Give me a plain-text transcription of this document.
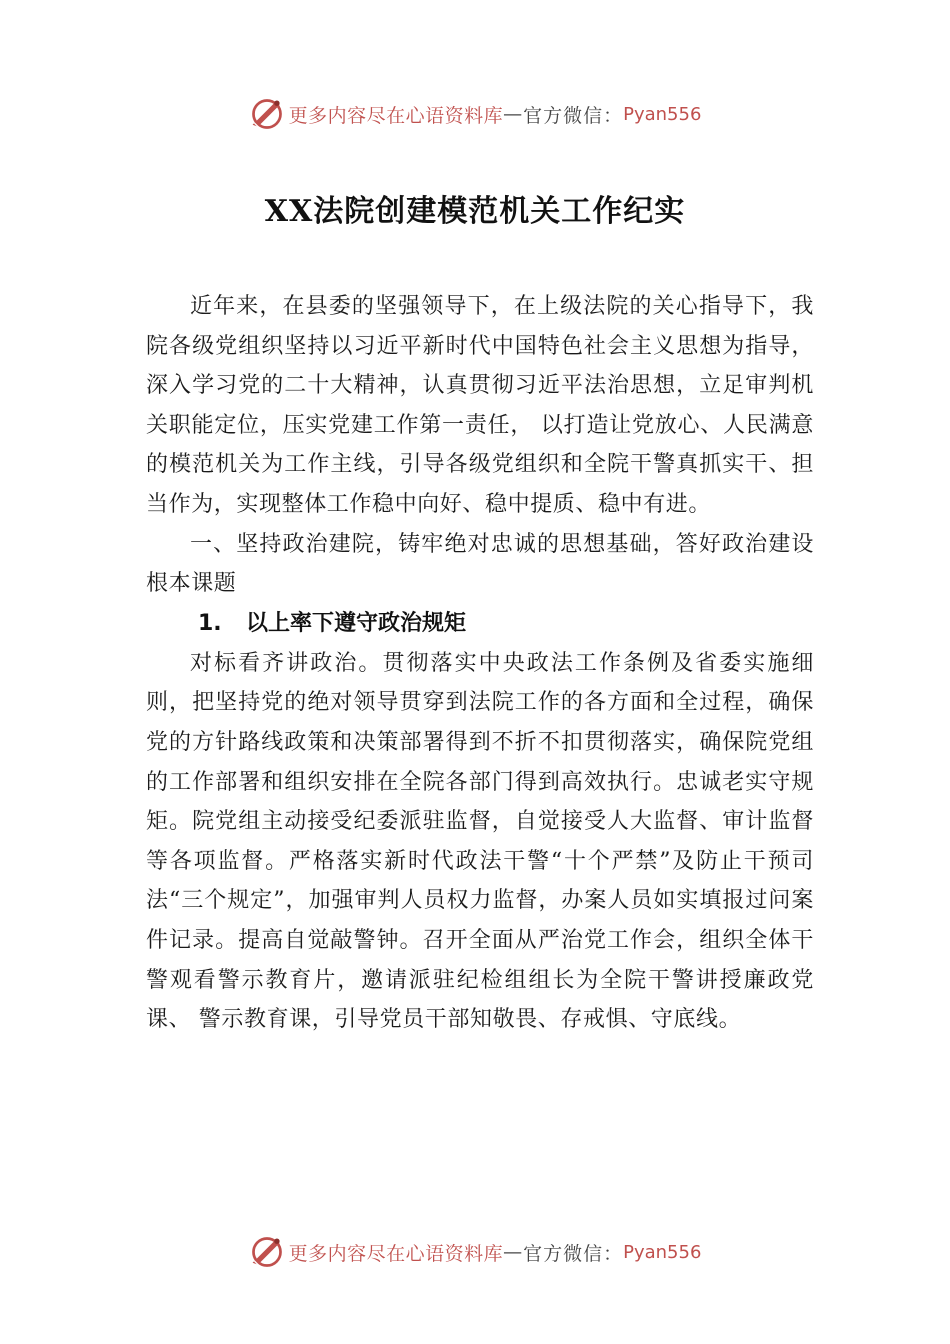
更多内容尽在心语资料库 — 官方微信： Pyan556
XX法院创建模范机关工作纪实

近年来，在县委的坚强领导下，在上级法院的关心指导下，我院各级党组织坚持以习近平新时代中国特色社会主义思想为指导，深入学习党的二十大精神，认真贯彻习近平法治思想，立足审判机关职能定位，压实党建工作第一责任， 以打造让党放心、人民满意的模范机关为工作主线，引导各级党组织和全院干警真抓实干、担当作为，实现整体工作稳中向好、稳中提质、稳中有进。

一、坚持政治建院，铸牢绝对忠诚的思想基础，答好政治建设根本课题

1. 以上率下遵守政治规矩

对标看齐讲政治。贯彻落实中央政法工作条例及省委实施细则，把坚持党的绝对领导贯穿到法院工作的各方面和全过程，确保党的方针路线政策和决策部署得到不折不扣贯彻落实，确保院党组的工作部署和组织安排在全院各部门得到高效执行。忠诚老实守规矩。院党组主动接受纪委派驻监督，自觉接受人大监督、审计监督等各项监督。严格落实新时代政法干警“十个严禁”及防止干预司法“三个规定”，加强审判人员权力监督，办案人员如实填报过问案件记录。提高自觉敲警钟。召开全面从严治党工作会，组织全体干警观看警示教育片，邀请派驻纪检组组长为全院干警讲授廉政党课、 警示教育课，引导党员干部知敬畏、存戒惧、守底线。

更多内容尽在心语资料库 — 官方微信： Pyan556
